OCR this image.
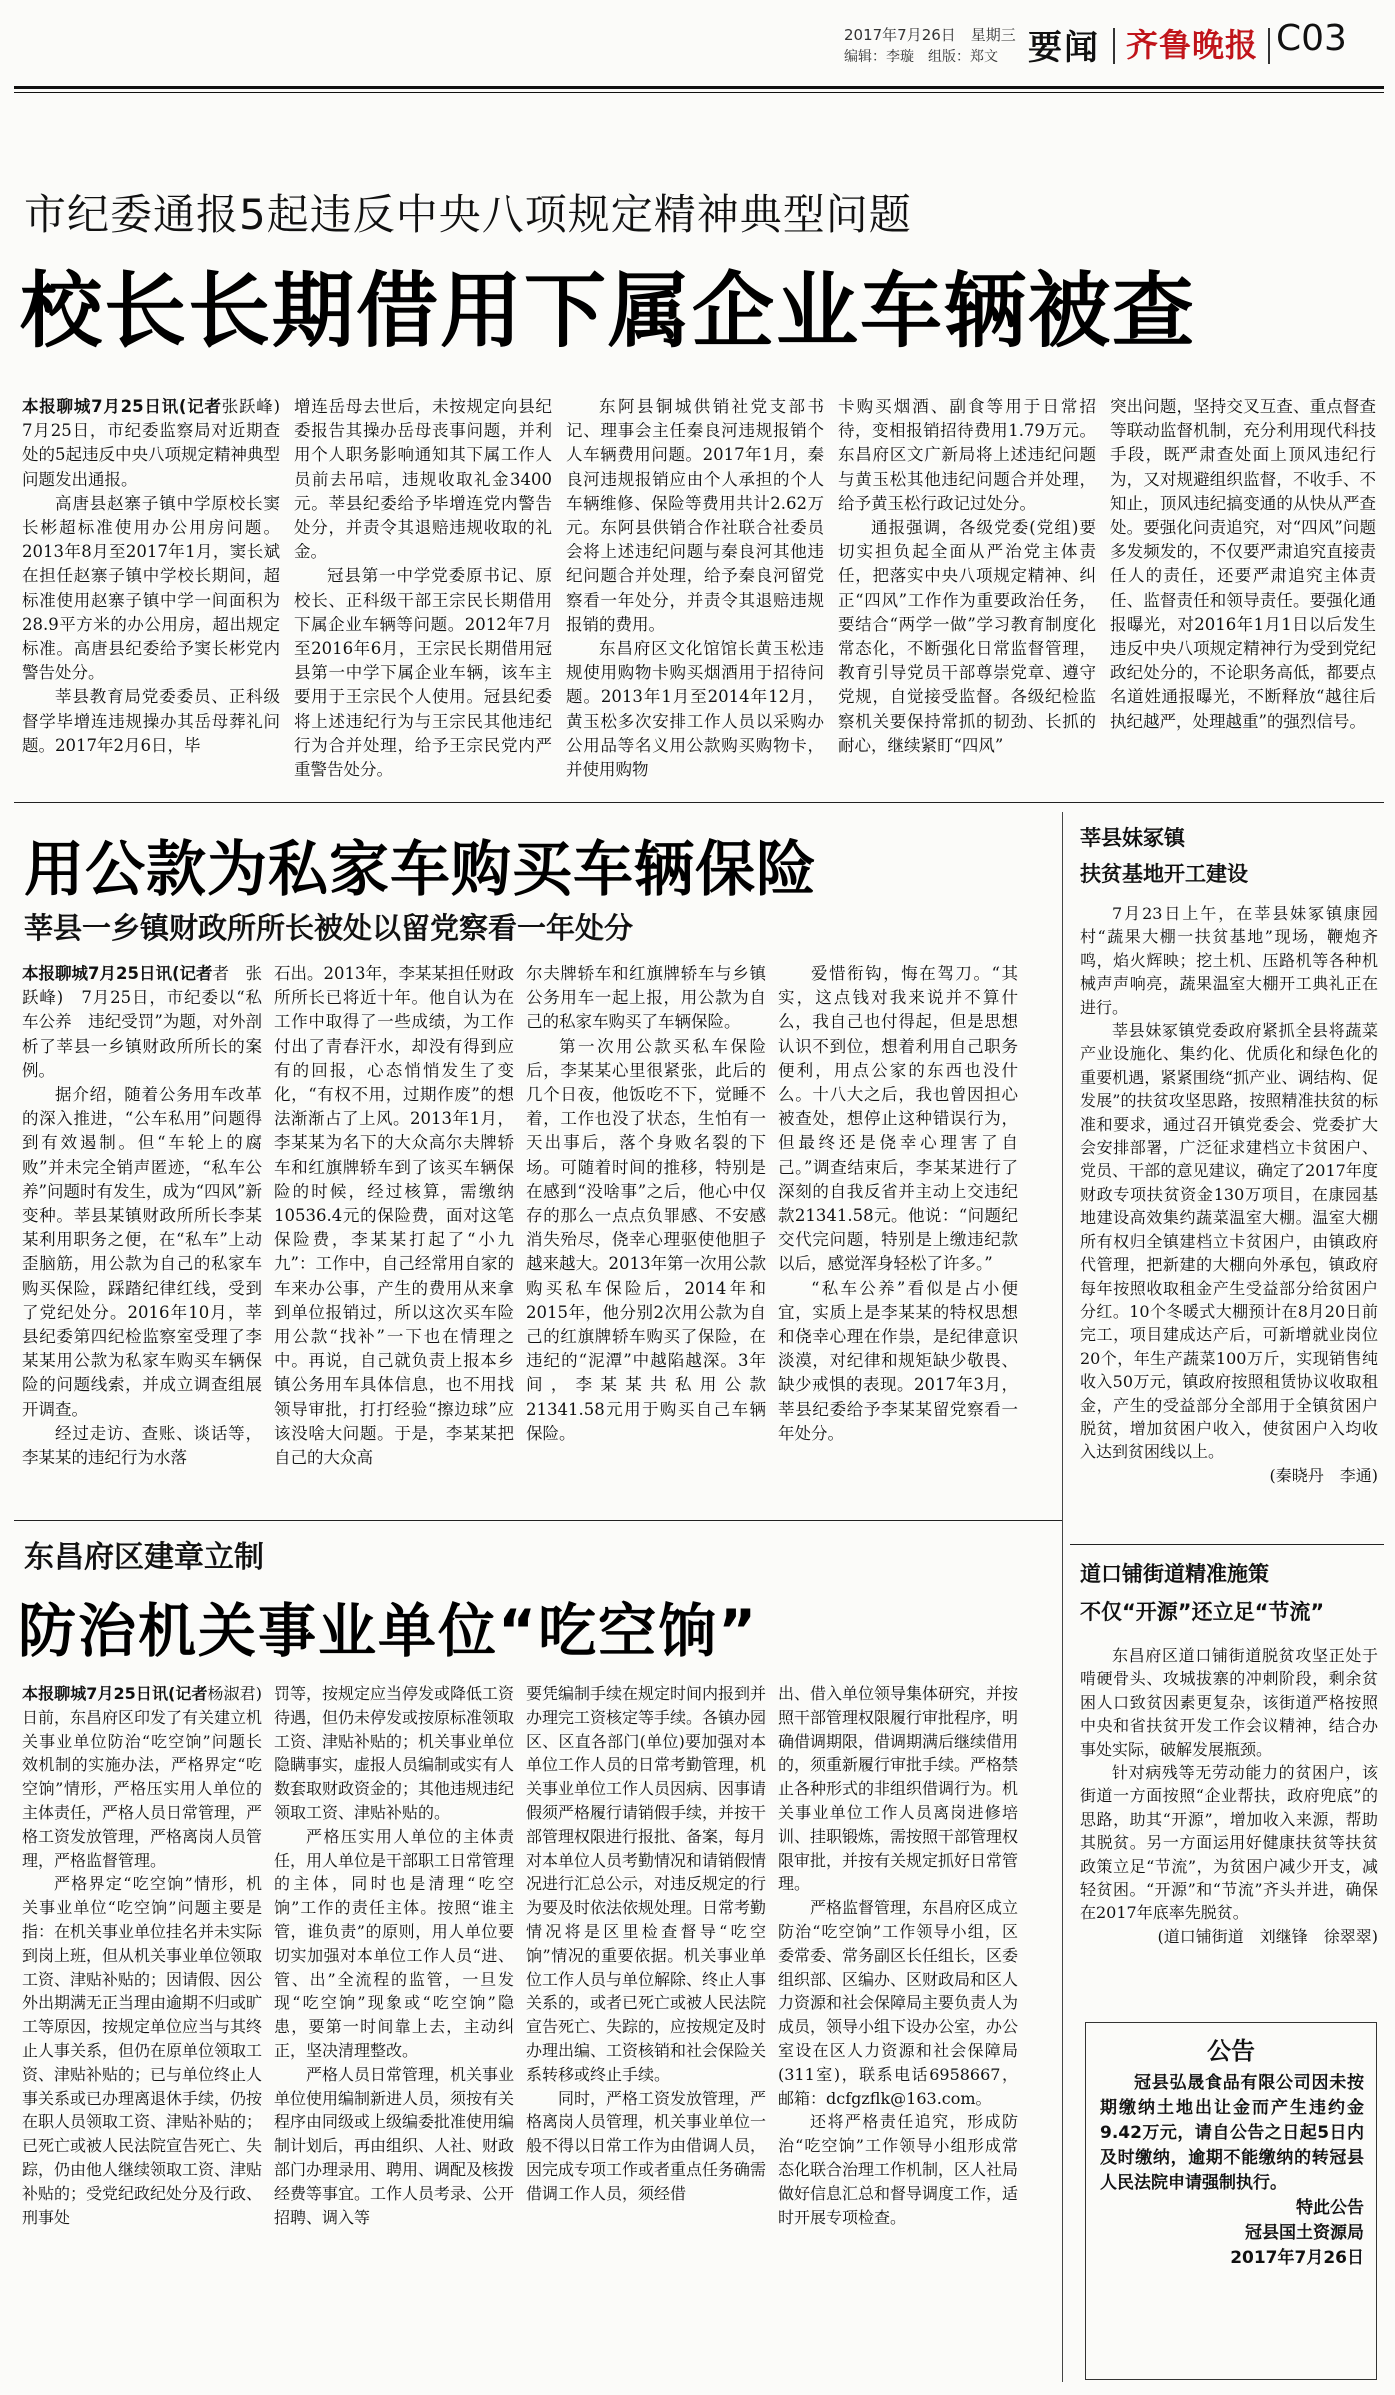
2017年7月26日　星期三
编辑：李璇　组版：郑文 要闻 齐鲁晚报 C03
市纪委通报5起违反中央八项规定精神典型问题
校长长期借用下属企业车辆被查

本报聊城7月25日讯(记者张跃峰)　7月25日，市纪委监察局对近期查处的5起违反中央八项规定精神典型问题发出通报。

高唐县赵寨子镇中学原校长窦长彬超标准使用办公用房问题。2013年8月至2017年1月，窦长斌在担任赵寨子镇中学校长期间，超标准使用赵寨子镇中学一间面积为28.9平方米的办公用房，超出规定标准。高唐县纪委给予窦长彬党内警告处分。

莘县教育局党委委员、正科级督学毕增连违规操办其岳母葬礼问题。2017年2月6日，毕

增连岳母去世后，未按规定向县纪委报告其操办岳母丧事问题，并利用个人职务影响通知其下属工作人员前去吊唁，违规收取礼金3400元。莘县纪委给予毕增连党内警告处分，并责令其退赔违规收取的礼金。

冠县第一中学党委原书记、原校长、正科级干部王宗民长期借用下属企业车辆等问题。2012年7月至2016年6月，王宗民长期借用冠县第一中学下属企业车辆，该车主要用于王宗民个人使用。冠县纪委将上述违纪行为与王宗民其他违纪行为合并处理，给予王宗民党内严重警告处分。

东阿县铜城供销社党支部书记、理事会主任秦良河违规报销个人车辆费用问题。2017年1月，秦良河违规报销应由个人承担的个人车辆维修、保险等费用共计2.62万元。东阿县供销合作社联合社委员会将上述违纪问题与秦良河其他违纪问题合并处理，给予秦良河留党察看一年处分，并责令其退赔违规报销的费用。

东昌府区文化馆馆长黄玉松违规使用购物卡购买烟酒用于招待问题。2013年1月至2014年12月，黄玉松多次安排工作人员以采购办公用品等名义用公款购买购物卡，并使用购物

卡购买烟酒、副食等用于日常招待，变相报销招待费用1.79万元。东昌府区文广新局将上述违纪问题与黄玉松其他违纪问题合并处理，给予黄玉松行政记过处分。

通报强调，各级党委(党组)要切实担负起全面从严治党主体责任，把落实中央八项规定精神、纠正“四风”工作作为重要政治任务，要结合“两学一做”学习教育制度化常态化，不断强化日常监督管理，教育引导党员干部尊崇党章、遵守党规，自觉接受监督。各级纪检监察机关要保持常抓的韧劲、长抓的耐心，继续紧盯“四风”

突出问题，坚持交叉互查、重点督查等联动监督机制，充分利用现代科技手段，既严肃查处面上顶风违纪行为，又对规避组织监督，不收手、不知止，顶风违纪搞变通的从快从严查处。要强化问责追究，对“四风”问题多发频发的，不仅要严肃追究直接责任人的责任，还要严肃追究主体责任、监督责任和领导责任。要强化通报曝光，对2016年1月1日以后发生违反中央八项规定精神行为受到党纪政纪处分的，不论职务高低，都要点名道姓通报曝光，不断释放“越往后执纪越严，处理越重”的强烈信号。

用公款为私家车购买车辆保险
莘县一乡镇财政所所长被处以留党察看一年处分

本报聊城7月25日讯(记者者　张跃峰)　7月25日，市纪委以“私车公养　违纪受罚”为题，对外剖析了莘县一乡镇财政所所长的案例。

据介绍，随着公务用车改革的深入推进，“公车私用”问题得到有效遏制。但“车轮上的腐败”并未完全销声匿迹，“私车公养”问题时有发生，成为“四风”新变种。莘县某镇财政所所长李某某利用职务之便，在“私车”上动歪脑筋，用公款为自己的私家车购买保险，踩踏纪律红线，受到了党纪处分。2016年10月，莘县纪委第四纪检监察室受理了李某某用公款为私家车购买车辆保险的问题线索，并成立调查组展开调查。

经过走访、查账、谈话等，李某某的违纪行为水落

石出。2013年，李某某担任财政所所长已将近十年。他自认为在工作中取得了一些成绩，为工作付出了青春汗水，却没有得到应有的回报，心态悄悄发生了变化，“有权不用，过期作废”的想法渐渐占了上风。2013年1月，李某某为名下的大众高尔夫牌轿车和红旗牌轿车到了该买车辆保险的时候，经过核算，需缴纳10536.4元的保险费，面对这笔保险费，李某某打起了“小九九”：工作中，自己经常用自家的车来办公事，产生的费用从来拿到单位报销过，所以这次买车险用公款“找补”一下也在情理之中。再说，自己就负责上报本乡镇公务用车具体信息，也不用找领导审批，打打经验“擦边球”应该没啥大问题。于是，李某某把自己的大众高

尔夫牌轿车和红旗牌轿车与乡镇公务用车一起上报，用公款为自己的私家车购买了车辆保险。

第一次用公款买私车保险后，李某某心里很紧张，此后的几个日夜，他饭吃不下，觉睡不着，工作也没了状态，生怕有一天出事后，落个身败名裂的下场。可随着时间的推移，特别是在感到“没啥事”之后，他心中仅存的那么一点点负罪感、不安感消失殆尽，侥幸心理驱使他胆子越来越大。2013年第一次用公款购买私车保险后，2014年和2015年，他分别2次用公款为自己的红旗牌轿车购买了保险，在违纪的“泥潭”中越陷越深。3年间，李某某共私用公款21341.58元用于购买自己车辆保险。

爱惜衔钩，悔在驾刀。“其实，这点钱对我来说并不算什么，我自己也付得起，但是思想认识不到位，想着利用自己职务便利，用点公家的东西也没什么。十八大之后，我也曾因担心被查处，想停止这种错误行为，但最终还是侥幸心理害了自己。”调查结束后，李某某进行了深刻的自我反省并主动上交违纪款21341.58元。他说：“问题纪交代完问题，特别是上缴违纪款以后，感觉浑身轻松了许多。”

“私车公养”看似是占小便宜，实质上是李某某的特权思想和侥幸心理在作祟，是纪律意识淡漠，对纪律和规矩缺少敬畏、缺少戒惧的表现。2017年3月，莘县纪委给予李某某留党察看一年处分。

莘县妹冢镇
扶贫基地开工建设

7月23日上午，在莘县妹冢镇康园村“蔬果大棚一扶贫基地”现场，鞭炮齐鸣，焰火辉映；挖土机、压路机等各种机械声声响亮，蔬果温室大棚开工典礼正在进行。

莘县妹冢镇党委政府紧抓全县将蔬菜产业设施化、集约化、优质化和绿色化的重要机遇，紧紧围绕“抓产业、调结构、促发展”的扶贫攻坚思路，按照精准扶贫的标准和要求，通过召开镇党委会、党委扩大会安排部署，广泛征求建档立卡贫困户、党员、干部的意见建议，确定了2017年度财政专项扶贫资金130万项目，在康园基地建设高效集约蔬菜温室大棚。温室大棚所有权归全镇建档立卡贫困户，由镇政府代管理，把新建的大棚向外承包，镇政府每年按照收取租金产生受益部分给贫困户分红。10个冬暖式大棚预计在8月20日前完工，项目建成达产后，可新增就业岗位20个，年生产蔬菜100万斤，实现销售纯收入50万元，镇政府按照租赁协议收取租金，产生的受益部分全部用于全镇贫困户脱贫，增加贫困户收入，使贫困户入均收入达到贫困线以上。

(秦晓丹　李通)

道口铺街道精准施策
不仅“开源”还立足“节流”

东昌府区道口铺街道脱贫攻坚正处于啃硬骨头、攻城拔寨的冲刺阶段，剩余贫困人口致贫因素更复杂，该街道严格按照中央和省扶贫开发工作会议精神，结合办事处实际，破解发展瓶颈。

针对病残等无劳动能力的贫困户，该街道一方面按照“企业帮扶，政府兜底”的思路，助其“开源”，增加收入来源，帮助其脱贫。另一方面运用好健康扶贫等扶贫政策立足“节流”，为贫困户减少开支，减轻贫困。“开源”和“节流”齐头并进，确保在2017年底率先脱贫。

(道口铺街道　刘继锋　徐翠翠)

东昌府区建章立制
防治机关事业单位“吃空饷”

本报聊城7月25日讯(记者杨淑君)　日前，东昌府区印发了有关建立机关事业单位防治“吃空饷”问题长效机制的实施办法，严格界定“吃空饷”情形，严格压实用人单位的主体责任，严格人员日常管理，严格工资发放管理，严格离岗人员管理，严格监督管理。

严格界定“吃空饷”情形，机关事业单位“吃空饷”问题主要是指：在机关事业单位挂名并未实际到岗上班，但从机关事业单位领取工资、津贴补贴的；因请假、因公外出期满无正当理由逾期不归或旷工等原因，按规定单位应当与其终止人事关系，但仍在原单位领取工资、津贴补贴的；已与单位终止人事关系或已办理离退休手续，仍按在职人员领取工资、津贴补贴的；已死亡或被人民法院宣告死亡、失踪，仍由他人继续领取工资、津贴补贴的；受党纪政纪处分及行政、刑事处

罚等，按规定应当停发或降低工资待遇，但仍未停发或按原标准领取工资、津贴补贴的；机关事业单位隐瞒事实，虚报人员编制或实有人数套取财政资金的；其他违规违纪领取工资、津贴补贴的。

严格压实用人单位的主体责任，用人单位是干部职工日常管理的主体，同时也是清理“吃空饷”工作的责任主体。按照“谁主管，谁负责”的原则，用人单位要切实加强对本单位工作人员“进、管、出”全流程的监管，一旦发现“吃空饷”现象或“吃空饷”隐患，要第一时间靠上去，主动纠正，坚决清理整改。

严格人员日常管理，机关事业单位使用编制新进人员，须按有关程序由同级或上级编委批准使用编制计划后，再由组织、人社、财政部门办理录用、聘用、调配及核拨经费等事宜。工作人员考录、公开招聘、调入等

要凭编制手续在规定时间内报到并办理完工资核定等手续。各镇办园区、区直各部门(单位)要加强对本单位工作人员的日常考勤管理，机关事业单位工作人员因病、因事请假须严格履行请销假手续，并按干部管理权限进行报批、备案，每月对本单位人员考勤情况和请销假情况进行汇总公示，对违反规定的行为要及时依法依规处理。日常考勤情况将是区里检查督导“吃空饷”情况的重要依据。机关事业单位工作人员与单位解除、终止人事关系的，或者已死亡或被人民法院宣告死亡、失踪的，应按规定及时办理出编、工资核销和社会保险关系转移或终止手续。

同时，严格工资发放管理，严格离岗人员管理，机关事业单位一般不得以日常工作为由借调人员，因完成专项工作或者重点任务确需借调工作人员，须经借

出、借入单位领导集体研究，并按照干部管理权限履行审批程序，明确借调期限，借调期满后继续借用的，须重新履行审批手续。严格禁止各种形式的非组织借调行为。机关事业单位工作人员离岗进修培训、挂职锻炼，需按照干部管理权限审批，并按有关规定抓好日常管理。

严格监督管理，东昌府区成立防治“吃空饷”工作领导小组，区委常委、常务副区长任组长，区委组织部、区编办、区财政局和区人力资源和社会保障局主要负责人为成员，领导小组下设办公室，办公室设在区人力资源和社会保障局(311室)，联系电话6958667，邮箱：dcfgzflk@163.com。

还将严格责任追究，形成防治“吃空饷”工作领导小组形成常态化联合治理工作机制，区人社局做好信息汇总和督导调度工作，适时开展专项检查。

公告

冠县弘晟食品有限公司因未按期缴纳土地出让金而产生违约金9.42万元，请自公告之日起5日内及时缴纳，逾期不能缴纳的转冠县人民法院申请强制执行。

特此公告
冠县国土资源局
2017年7月26日
